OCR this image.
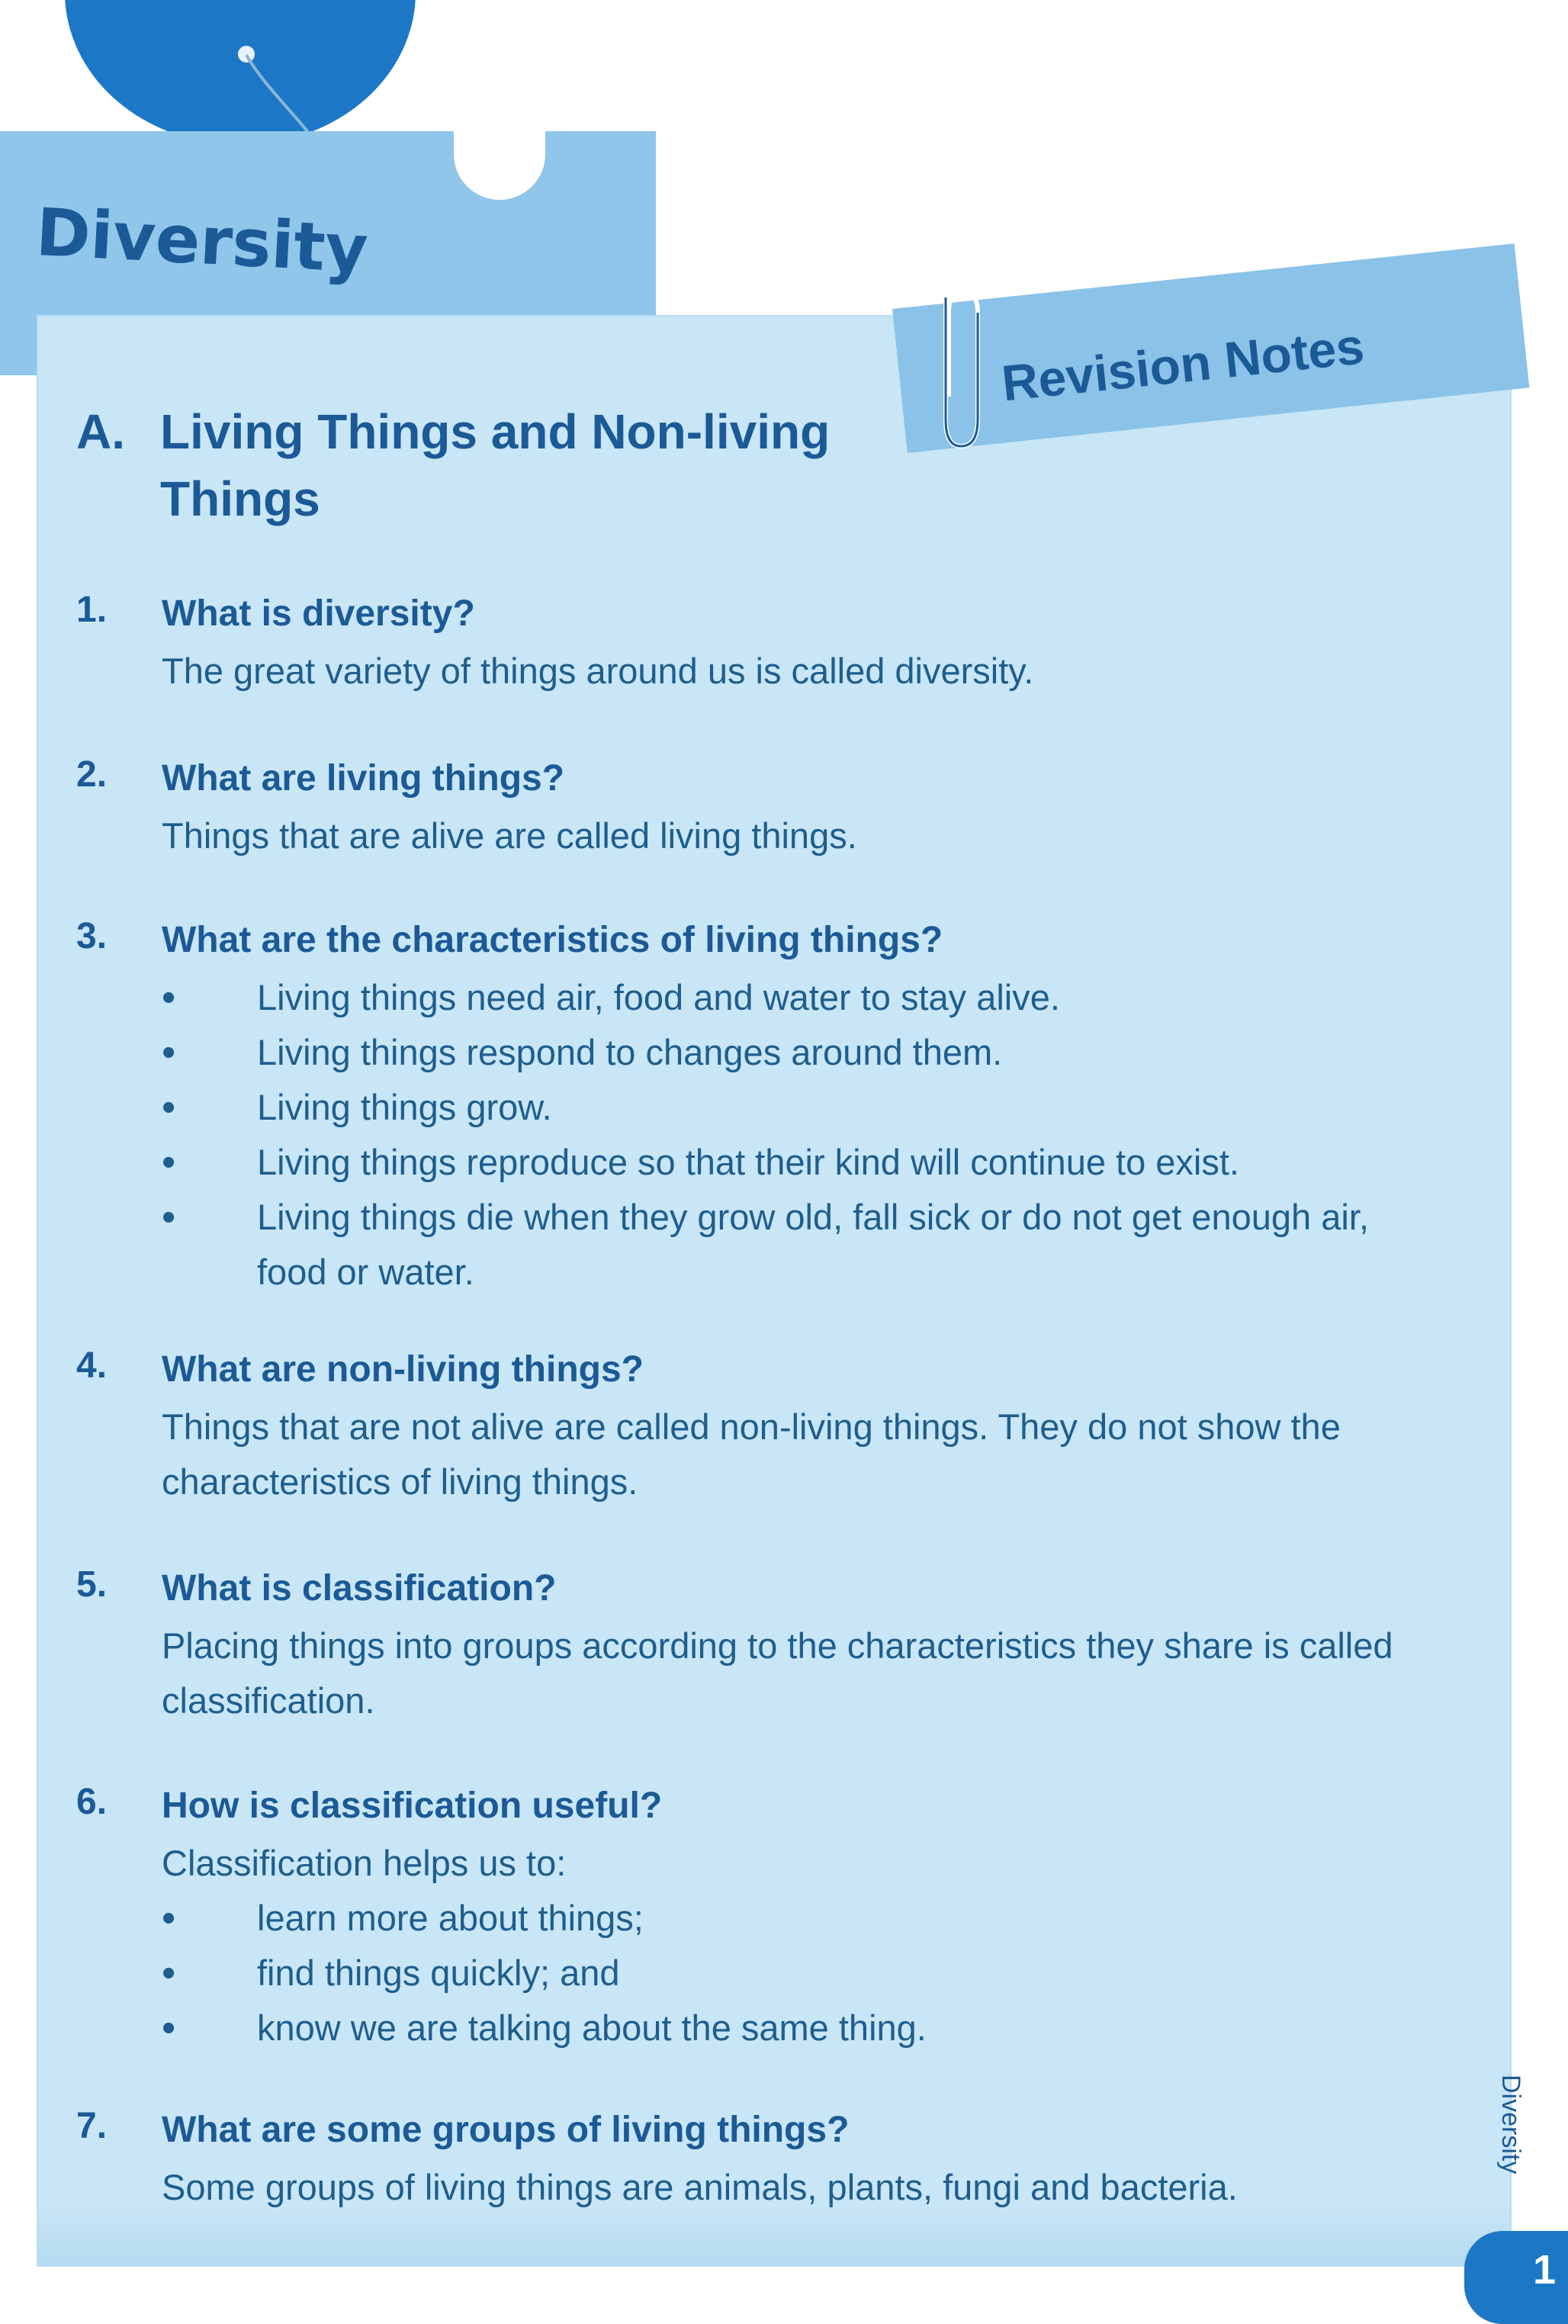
Diversity

Revision Notes

A. Living Things and Non-living
Things
1. What is diversity?

The great variety of things around us is called diversity.

2. What are living things?

Things that are alive are called living things.

3. What are the characteristics of living things?

• Living things need air, food and water to stay alive.
• Living things respond to changes around them.
• Living things grow.
• Living things reproduce so that their kind will continue to exist.
• Living things die when they grow old, fall sick or do not get enough air, food or water.
4. What are non-living things?

Things that are not alive are called non-living things. They do not show the characteristics of living things.

5. What is classification?

Placing things into groups according to the characteristics they share is called classification.

6. How is classification useful?

Classification helps us to:

• learn more about things;
• find things quickly; and
• know we are talking about the same thing.
7. What are some groups of living things?

Some groups of living things are animals, plants, fungi and bacteria.

Diversity

1
